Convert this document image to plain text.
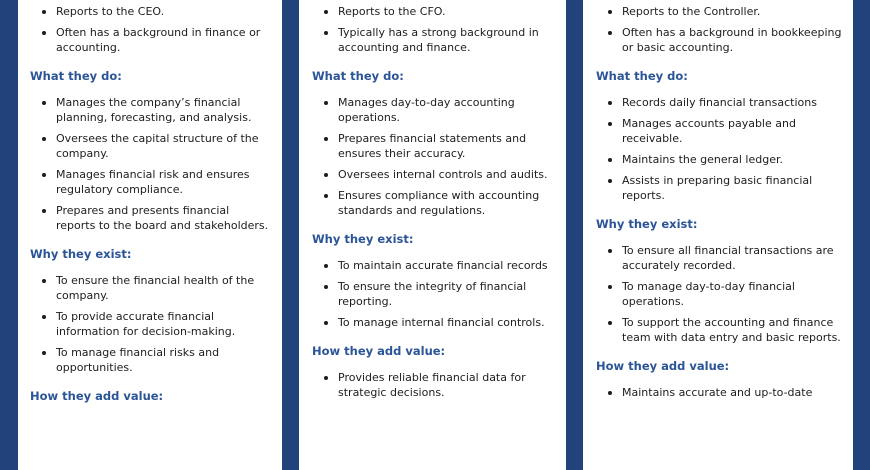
Reports to the CEO.
Often has a background in finance or accounting.
What they do:
Manages the company’s financial planning, forecasting, and analysis.
Oversees the capital structure of the company.
Manages financial risk and ensures regulatory compliance.
Prepares and presents financial reports to the board and stakeholders.
Why they exist:
To ensure the financial health of the company.
To provide accurate financial information for decision-making.
To manage financial risks and opportunities.
How they add value:
Reports to the CFO.
Typically has a strong background in accounting and finance.
What they do:
Manages day-to-day accounting operations.
Prepares financial statements and ensures their accuracy.
Oversees internal controls and audits.
Ensures compliance with accounting standards and regulations.
Why they exist:
To maintain accurate financial records
To ensure the integrity of financial reporting.
To manage internal financial controls.
How they add value:
Provides reliable financial data for strategic decisions.
Reports to the Controller.
Often has a background in bookkeeping or basic accounting.
What they do:
Records daily financial transactions
Manages accounts payable and receivable.
Maintains the general ledger.
Assists in preparing basic financial reports.
Why they exist:
To ensure all financial transactions are accurately recorded.
To manage day-to-day financial operations.
To support the accounting and finance team with data entry and basic reports.
How they add value:
Maintains accurate and up-to-date
